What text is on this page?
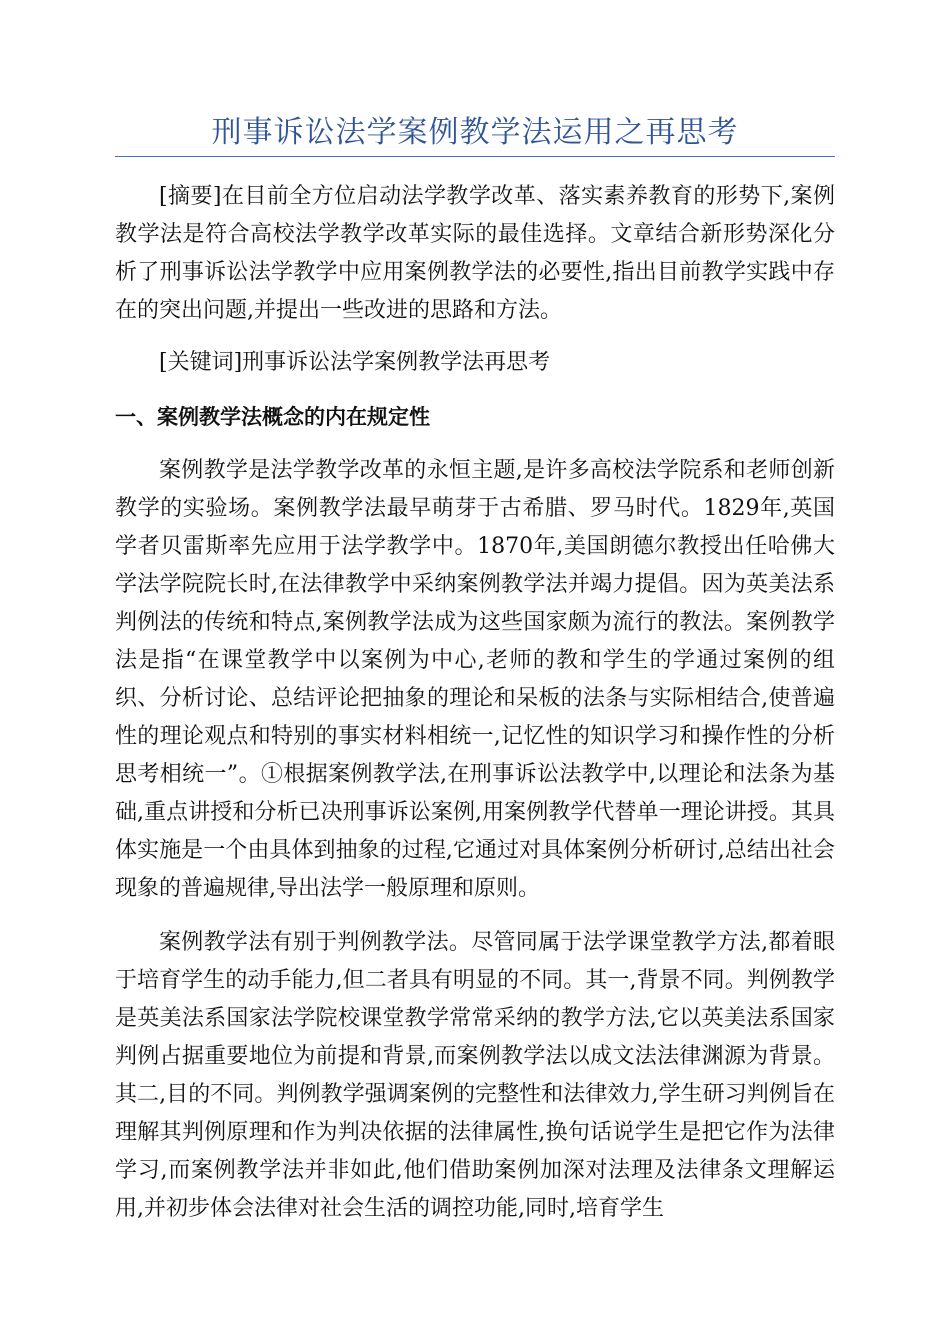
刑事诉讼法学案例教学法运用之再思考

[摘要]在目前全方位启动法学教学改革、落实素养教育的形势下,案例教学法是符合高校法学教学改革实际的最佳选择。文章结合新形势深化分析了刑事诉讼法学教学中应用案例教学法的必要性,指出目前教学实践中存在的突出问题,并提出一些改进的思路和方法。

[关键词]刑事诉讼法学案例教学法再思考

一、案例教学法概念的内在规定性

案例教学是法学教学改革的永恒主题,是许多高校法学院系和老师创新教学的实验场。案例教学法最早萌芽于古希腊、罗马时代。1829年,英国学者贝雷斯率先应用于法学教学中。1870年,美国朗德尔教授出任哈佛大学法学院院长时,在法律教学中采纳案例教学法并竭力提倡。因为英美法系判例法的传统和特点,案例教学法成为这些国家颇为流行的教法。案例教学法是指“在课堂教学中以案例为中心,老师的教和学生的学通过案例的组织、分析讨论、总结评论把抽象的理论和呆板的法条与实际相结合,使普遍性的理论观点和特别的事实材料相统一,记忆性的知识学习和操作性的分析思考相统一”。①根据案例教学法,在刑事诉讼法教学中,以理论和法条为基础,重点讲授和分析已决刑事诉讼案例,用案例教学代替单一理论讲授。其具体实施是一个由具体到抽象的过程,它通过对具体案例分析研讨,总结出社会现象的普遍规律,导出法学一般原理和原则。

案例教学法有别于判例教学法。尽管同属于法学课堂教学方法,都着眼于培育学生的动手能力,但二者具有明显的不同。其一,背景不同。判例教学是英美法系国家法学院校课堂教学常常采纳的教学方法,它以英美法系国家判例占据重要地位为前提和背景,而案例教学法以成文法法律渊源为背景。其二,目的不同。判例教学强调案例的完整性和法律效力,学生研习判例旨在理解其判例原理和作为判决依据的法律属性,换句话说学生是把它作为法律学习,而案例教学法并非如此,他们借助案例加深对法理及法律条文理解运用,并初步体会法律对社会生活的调控功能,同时,培育学生
